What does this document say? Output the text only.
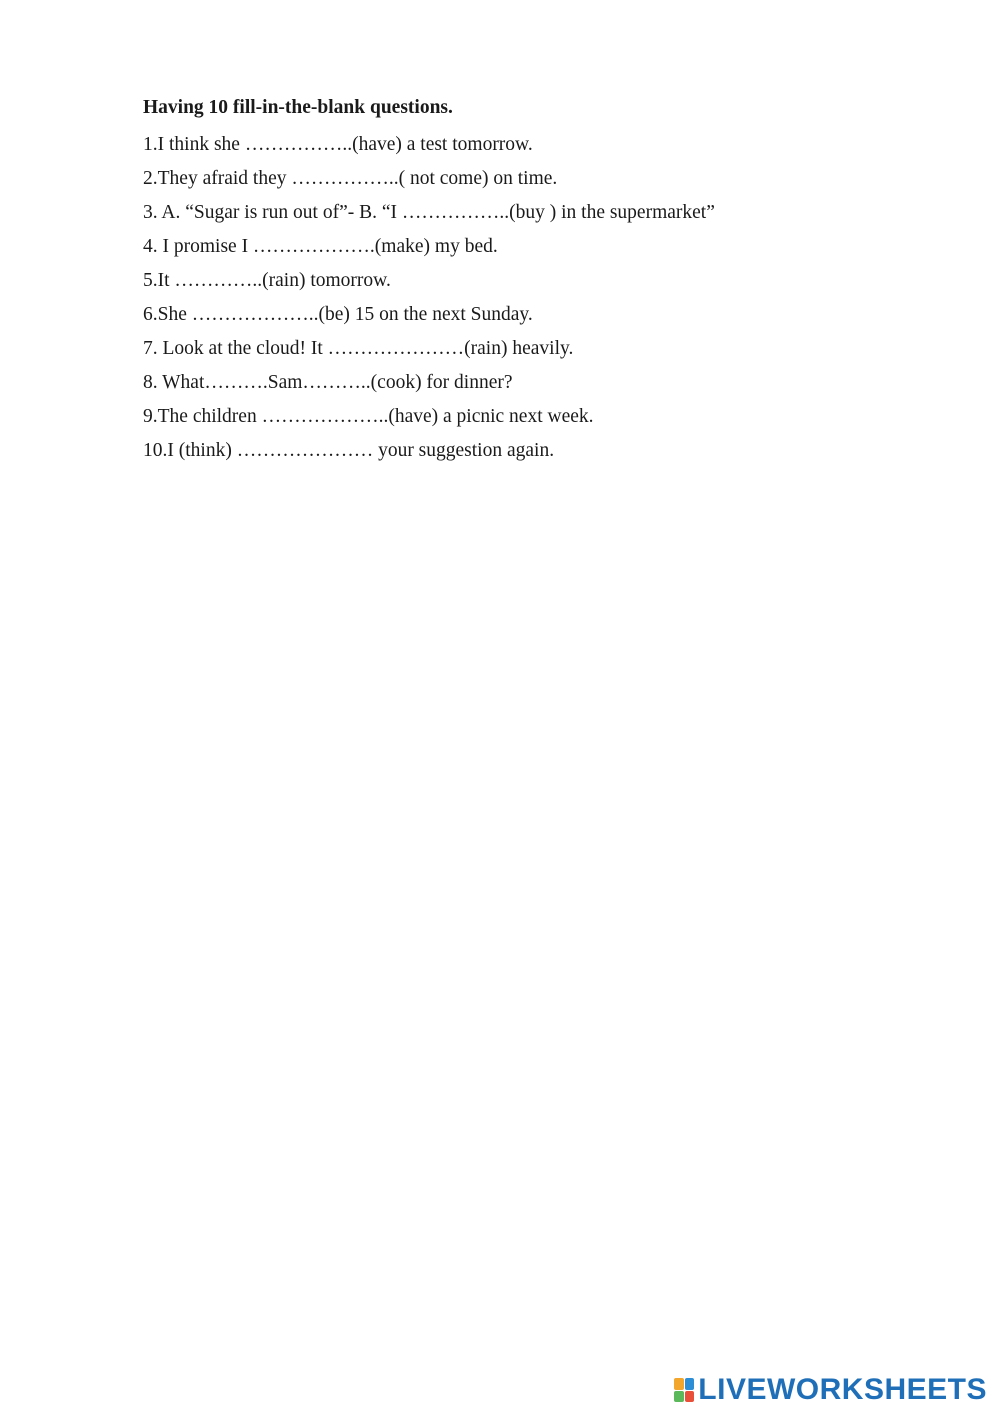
Having 10 fill-in-the-blank questions.
1.I think she ……………..(have) a test tomorrow.
2.They afraid they ……………..( not come) on time.
3. A. “Sugar is run out of”- B. “I ……………..(buy ) in the supermarket”
4. I promise I ……………….(make) my bed.
5.It …………..(rain) tomorrow.
6.She ………………..(be) 15 on the next Sunday.
7. Look at the cloud! It …………………(rain) heavily.
8. What……….Sam………..(cook) for dinner?
9.The children ………………..(have) a picnic next week.
10.I (think) ………………… your suggestion again.
LIVEWORKSHEETS
